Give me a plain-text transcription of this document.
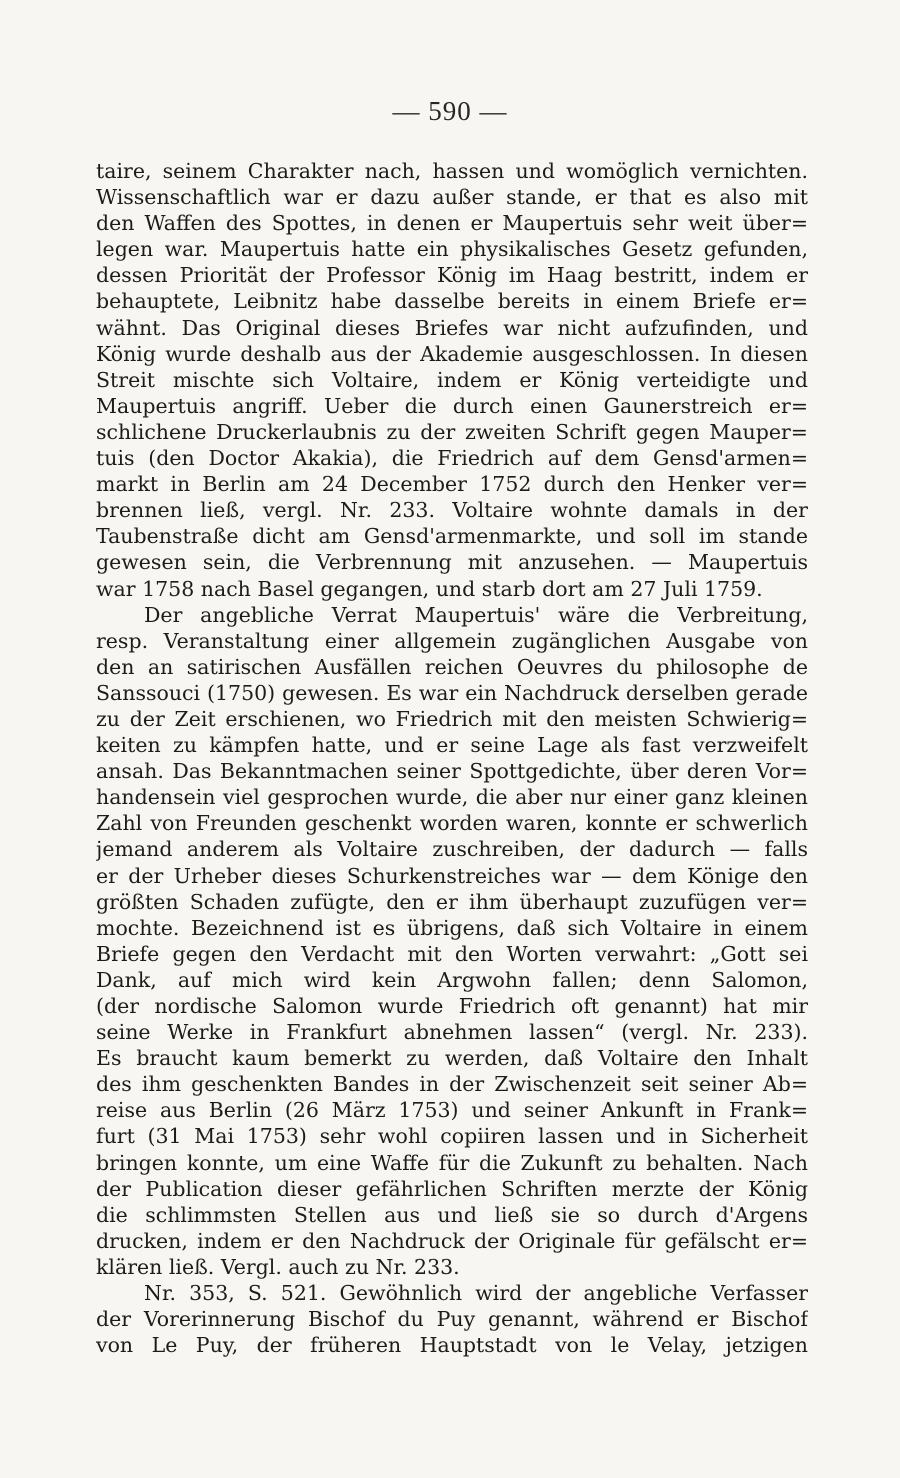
— 590 —
taire, seinem Charakter nach, hassen und womöglich vernichten.
Wissenschaftlich war er dazu außer stande, er that es also mit
den Waffen des Spottes, in denen er Maupertuis sehr weit über=
legen war. Maupertuis hatte ein physikalisches Gesetz gefunden,
dessen Priorität der Professor König im Haag bestritt, indem er
behauptete, Leibnitz habe dasselbe bereits in einem Briefe er=
wähnt. Das Original dieses Briefes war nicht aufzufinden, und
König wurde deshalb aus der Akademie ausgeschlossen. In diesen
Streit mischte sich Voltaire, indem er König verteidigte und
Maupertuis angriff. Ueber die durch einen Gaunerstreich er=
schlichene Druckerlaubnis zu der zweiten Schrift gegen Mauper=
tuis (den Doctor Akakia), die Friedrich auf dem Gensd'armen=
markt in Berlin am 24 December 1752 durch den Henker ver=
brennen ließ, vergl. Nr. 233. Voltaire wohnte damals in der
Taubenstraße dicht am Gensd'armenmarkte, und soll im stande
gewesen sein, die Verbrennung mit anzusehen. — Maupertuis
war 1758 nach Basel gegangen, und starb dort am 27 Juli 1759.
Der angebliche Verrat Maupertuis' wäre die Verbreitung,
resp. Veranstaltung einer allgemein zugänglichen Ausgabe von
den an satirischen Ausfällen reichen Oeuvres du philosophe de
Sanssouci (1750) gewesen. Es war ein Nachdruck derselben gerade
zu der Zeit erschienen, wo Friedrich mit den meisten Schwierig=
keiten zu kämpfen hatte, und er seine Lage als fast verzweifelt
ansah. Das Bekanntmachen seiner Spottgedichte, über deren Vor=
handensein viel gesprochen wurde, die aber nur einer ganz kleinen
Zahl von Freunden geschenkt worden waren, konnte er schwerlich
jemand anderem als Voltaire zuschreiben, der dadurch — falls
er der Urheber dieses Schurkenstreiches war — dem Könige den
größten Schaden zufügte, den er ihm überhaupt zuzufügen ver=
mochte. Bezeichnend ist es übrigens, daß sich Voltaire in einem
Briefe gegen den Verdacht mit den Worten verwahrt: „Gott sei
Dank, auf mich wird kein Argwohn fallen; denn Salomon,
(der nordische Salomon wurde Friedrich oft genannt) hat mir
seine Werke in Frankfurt abnehmen lassen“ (vergl. Nr. 233).
Es braucht kaum bemerkt zu werden, daß Voltaire den Inhalt
des ihm geschenkten Bandes in der Zwischenzeit seit seiner Ab=
reise aus Berlin (26 März 1753) und seiner Ankunft in Frank=
furt (31 Mai 1753) sehr wohl copiiren lassen und in Sicherheit
bringen konnte, um eine Waffe für die Zukunft zu behalten. Nach
der Publication dieser gefährlichen Schriften merzte der König
die schlimmsten Stellen aus und ließ sie so durch d'Argens
drucken, indem er den Nachdruck der Originale für gefälscht er=
klären ließ. Vergl. auch zu Nr. 233.
Nr. 353, S. 521. Gewöhnlich wird der angebliche Verfasser
der Vorerinnerung Bischof du Puy genannt, während er Bischof
von Le Puy, der früheren Hauptstadt von le Velay, jetzigen
